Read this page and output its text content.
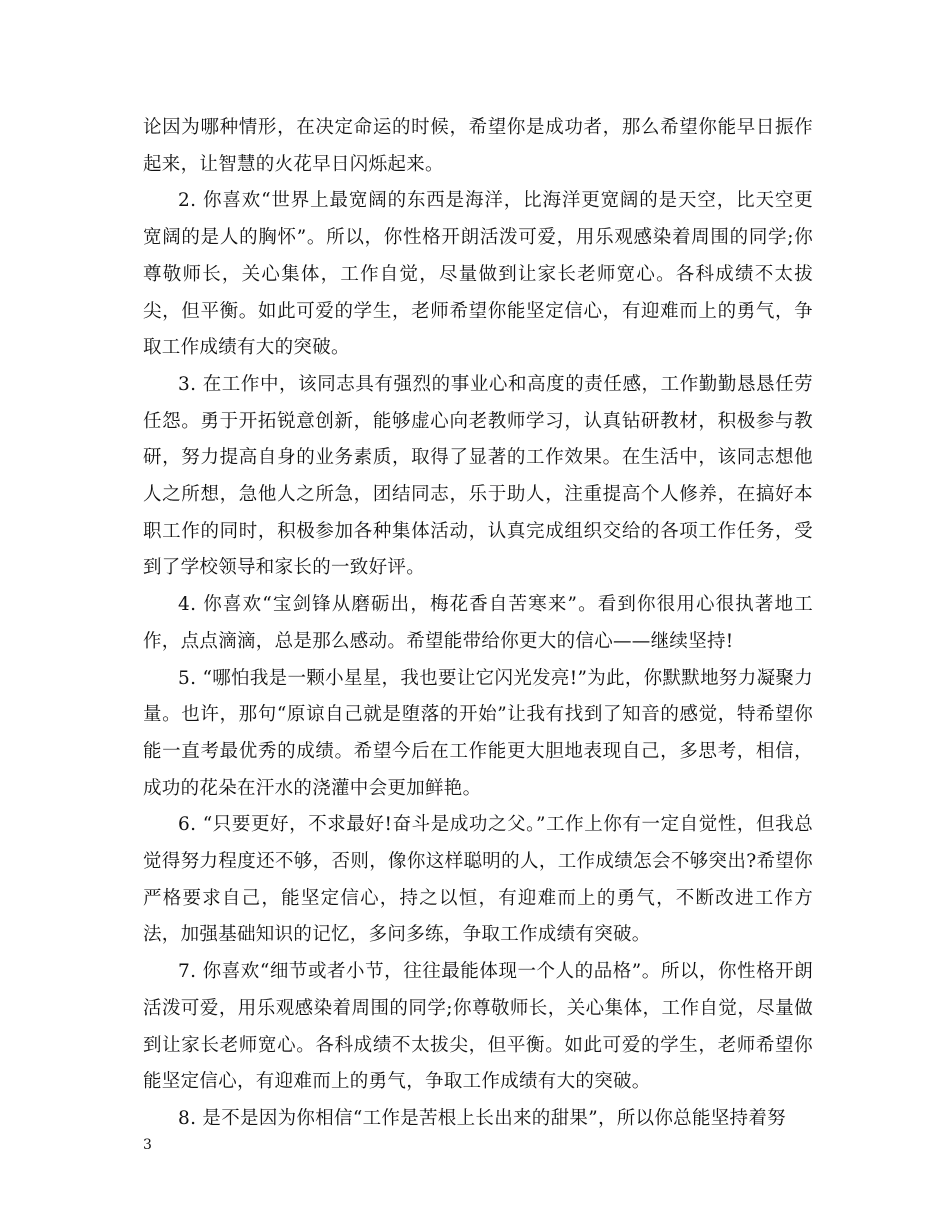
论因为哪种情形，在决定命运的时候，希望你是成功者，那么希望你能早日振作起来，让智慧的火花早日闪烁起来。

2. 你喜欢“世界上最宽阔的东西是海洋，比海洋更宽阔的是天空，比天空更宽阔的是人的胸怀”。所以，你性格开朗活泼可爱，用乐观感染着周围的同学;你尊敬师长，关心集体，工作自觉，尽量做到让家长老师宽心。各科成绩不太拔尖，但平衡。如此可爱的学生，老师希望你能坚定信心，有迎难而上的勇气，争取工作成绩有大的突破。

3. 在工作中，该同志具有强烈的事业心和高度的责任感，工作勤勤恳恳任劳任怨。勇于开拓锐意创新，能够虚心向老教师学习，认真钻研教材，积极参与教研，努力提高自身的业务素质，取得了显著的工作效果。在生活中，该同志想他人之所想，急他人之所急，团结同志，乐于助人，注重提高个人修养，在搞好本职工作的同时，积极参加各种集体活动，认真完成组织交给的各项工作任务，受到了学校领导和家长的一致好评。

4. 你喜欢“宝剑锋从磨砺出，梅花香自苦寒来”。看到你很用心很执著地工作，点点滴滴，总是那么感动。希望能带给你更大的信心——继续坚持!

5. “哪怕我是一颗小星星，我也要让它闪光发亮!”为此，你默默地努力凝聚力量。也许，那句“原谅自己就是堕落的开始”让我有找到了知音的感觉，特希望你能一直考最优秀的成绩。希望今后在工作能更大胆地表现自己，多思考，相信，成功的花朵在汗水的浇灌中会更加鲜艳。

6. “只要更好，不求最好!奋斗是成功之父。”工作上你有一定自觉性，但我总觉得努力程度还不够，否则，像你这样聪明的人，工作成绩怎会不够突出?希望你严格要求自己，能坚定信心，持之以恒，有迎难而上的勇气，不断改进工作方法，加强基础知识的记忆，多问多练，争取工作成绩有突破。

7. 你喜欢“细节或者小节，往往最能体现一个人的品格”。所以，你性格开朗活泼可爱，用乐观感染着周围的同学;你尊敬师长，关心集体，工作自觉，尽量做到让家长老师宽心。各科成绩不太拔尖，但平衡。如此可爱的学生，老师希望你能坚定信心，有迎难而上的勇气，争取工作成绩有大的突破。

8. 是不是因为你相信“工作是苦根上长出来的甜果”，所以你总能坚持着努

3
